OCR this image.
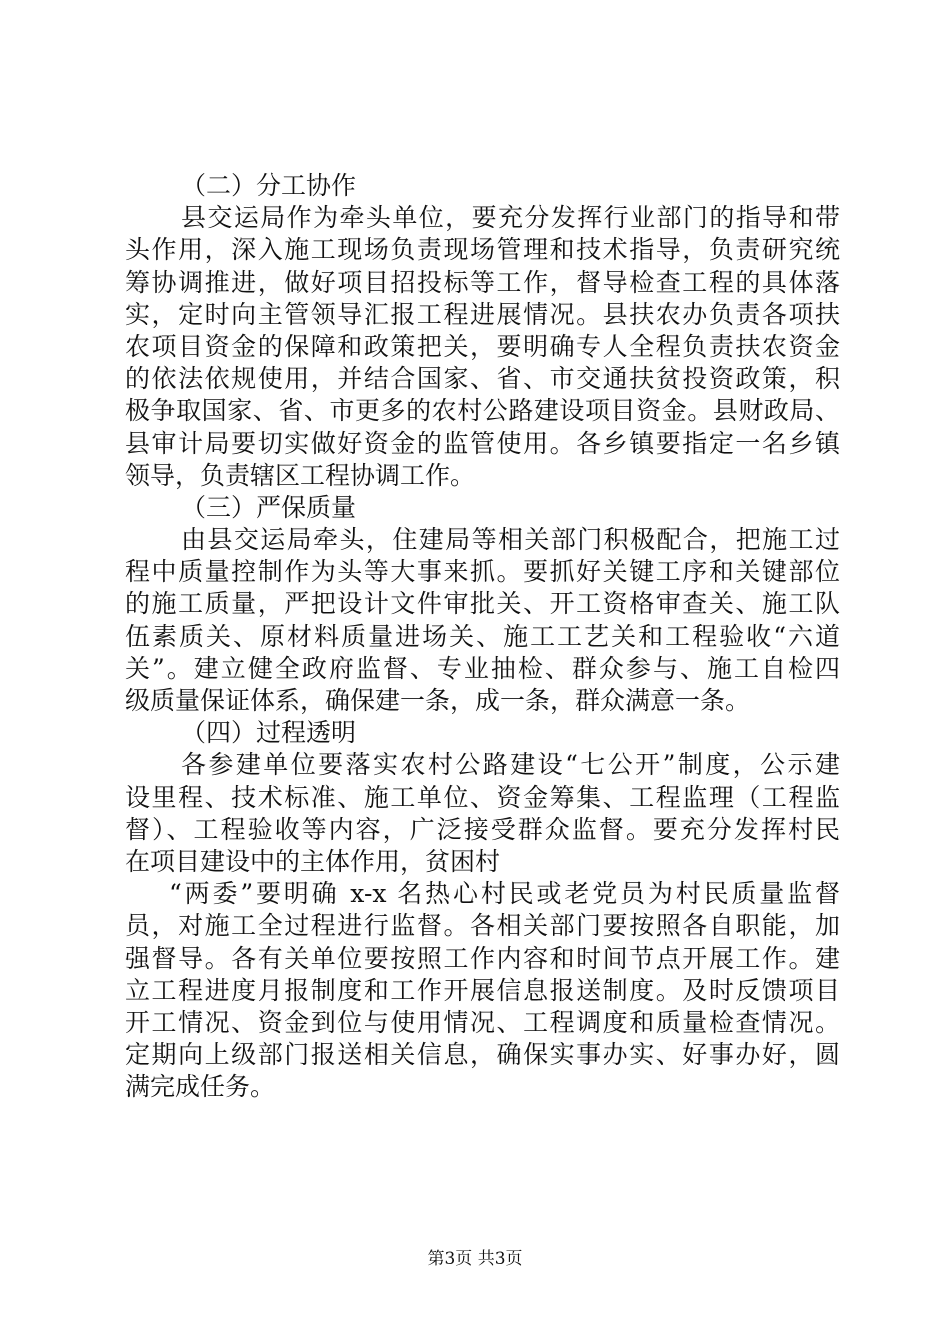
（二）分工协作
县交运局作为牵头单位，要充分发挥行业部门的指导和带
头作用，深入施工现场负责现场管理和技术指导，负责研究统
筹协调推进，做好项目招投标等工作，督导检查工程的具体落
实，定时向主管领导汇报工程进展情况。县扶农办负责各项扶
农项目资金的保障和政策把关，要明确专人全程负责扶农资金
的依法依规使用，并结合国家、省、市交通扶贫投资政策，积
极争取国家、省、市更多的农村公路建设项目资金。县财政局、
县审计局要切实做好资金的监管使用。各乡镇要指定一名乡镇
领导，负责辖区工程协调工作。
（三）严保质量
由县交运局牵头，住建局等相关部门积极配合，把施工过
程中质量控制作为头等大事来抓。要抓好关键工序和关键部位
的施工质量，严把设计文件审批关、开工资格审查关、施工队
伍素质关、原材料质量进场关、施工工艺关和工程验收“六道
关”。建立健全政府监督、专业抽检、群众参与、施工自检四
级质量保证体系，确保建一条，成一条，群众满意一条。
（四）过程透明
各参建单位要落实农村公路建设“七公开”制度，公示建
设里程、技术标准、施工单位、资金筹集、工程监理（工程监
督）、工程验收等内容，广泛接受群众监督。要充分发挥村民
在项目建设中的主体作用，贫困村
“两委”要明确 x-x 名热心村民或老党员为村民质量监督
员，对施工全过程进行监督。各相关部门要按照各自职能，加
强督导。各有关单位要按照工作内容和时间节点开展工作。建
立工程进度月报制度和工作开展信息报送制度。及时反馈项目
开工情况、资金到位与使用情况、工程调度和质量检查情况。
定期向上级部门报送相关信息，确保实事办实、好事办好，圆
满完成任务。
第3页 共3页
